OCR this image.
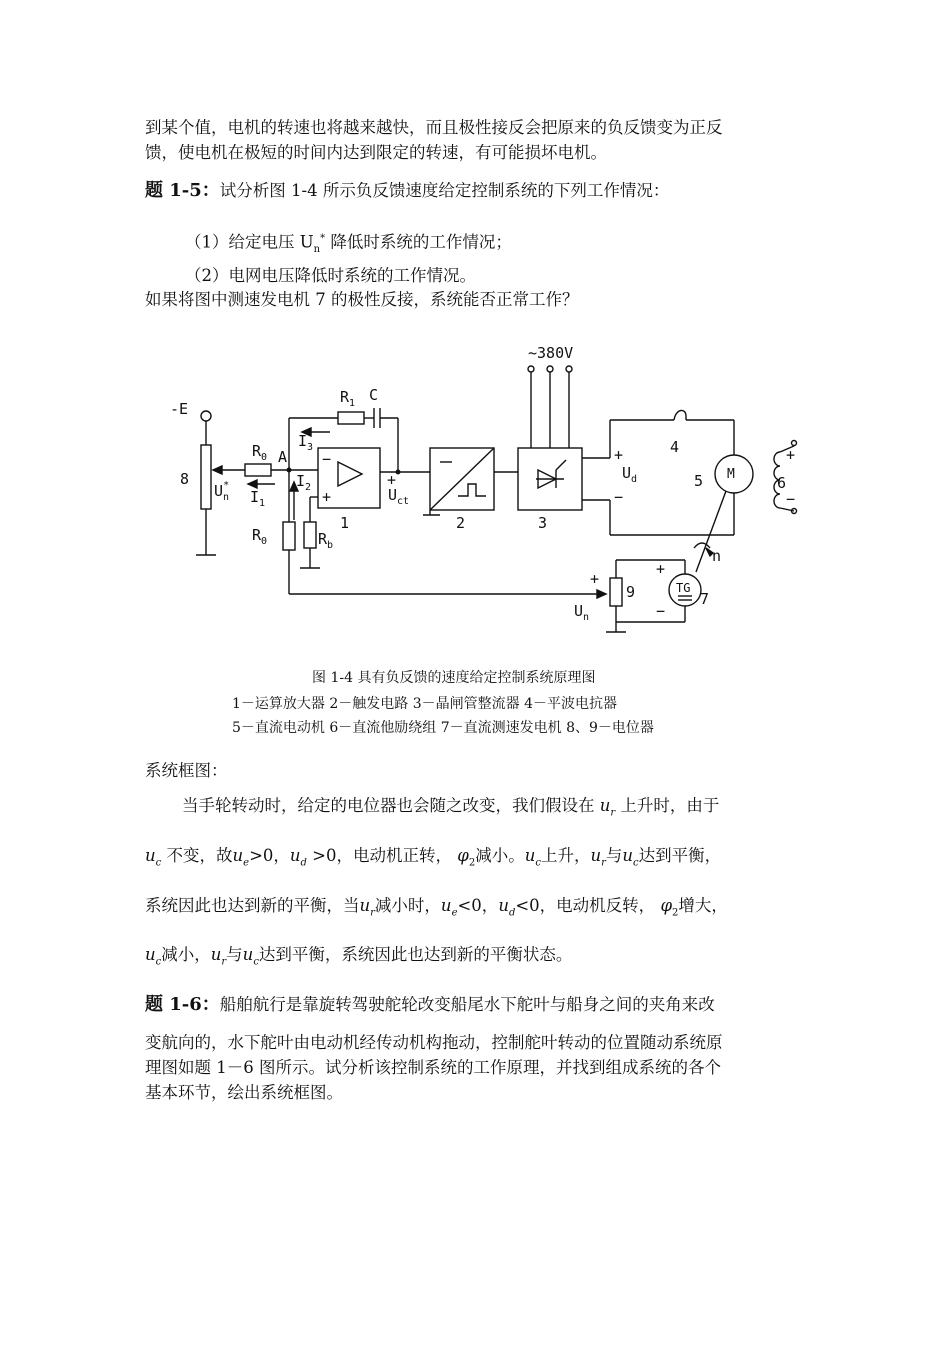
到某个值，电机的转速也将越来越快，而且极性接反会把原来的负反馈变为正反
馈，使电机在极短的时间内达到限定的转速，有可能损坏电机。
题 1-5：试分析图 1-4 所示负反馈速度给定控制系统的下列工作情况：
（1）给定电压 $U_n^*$ 降低时系统的工作情况；
（2）电网电压降低时系统的工作情况。
如果将图中测速发电机 7 的极性反接，系统能否正常工作？
~380V
-E
$R_1$ C
$I_3$
$R_0$ A
8
$U_n*$
$I_1$
$I_2$
−
+
1
$R_0$	$R_b$
+
$U_{ct}$
2	3
+
$U_d$
−
4
5 M
+
6
−
n
+
TG
7
−
+
9
$U_n$
图 1-4 具有负反馈的速度给定控制系统原理图
1－运算放大器 2－触发电路 3－晶闸管整流器 4－平波电抗器
5－直流电动机 6－直流他励绕组 7－直流测速发电机 8、9－电位器
系统框图：
当手轮转动时，给定的电位器也会随之改变，我们假设在 $u_r$ 上升时，由于
$u_c$ 不变，故$u_e>0$，$u_d >0$，电动机正转， $\varphi_2$减小。$u_c$上升，$u_r$与$u_c$达到平衡，
系统因此也达到新的平衡，当$u_r$减小时，$u_e<0$，$u_d<0$，电动机反转， $\varphi_2$增大，
$u_c$减小，$u_r$与$u_c$达到平衡，系统因此也达到新的平衡状态。
题 1-6：船舶航行是靠旋转驾驶舵轮改变船尾水下舵叶与船身之间的夹角来改
变航向的，水下舵叶由电动机经传动机构拖动，控制舵叶转动的位置随动系统原
理图如题 1－6 图所示。试分析该控制系统的工作原理，并找到组成系统的各个
基本环节，绘出系统框图。
